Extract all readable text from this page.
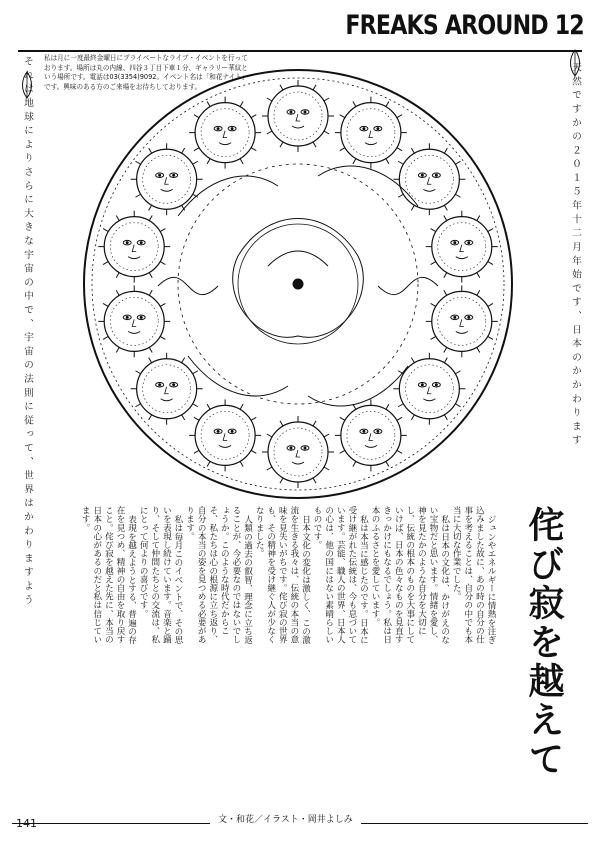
FREAKS AROUND 12
私は月に一度最終金曜日にプライベートなライブ・イベントを行っております。場所は丸の内線、四谷３丁目下車１分、ギャラリー華紋という場所です。電話は03(3354)9092。イベント名は「和花ナイト」です。興味のある方のご来場をお待ちしております。
それは地球によりさらに大きな宇宙の中で、宇宙の法則に従って、世界はかわりますよう	天然ですかの２０１５年十二月年始です、日本のかかわります
侘び寂を越えて

ジュンやエネルギーに情熱を注ぎ込みました故に、あの時の自分の仕事を考えることは、自分の中でも本当に大切な作業でした。

私は日本の文化は、かけがえのない宝物だと思います。情緒を愛し、神を見たかのような自分を大切にし、伝統の根本のものを大事にしていけば、日本の色々なものを見直すきっかけにもなるでしょう。私は日本のふるさとを愛しています。

私は本当に感じたのです。日本に受け継がれた伝統は、今も息づいています。芸能、職人の世界、日本人の心は、他の国にはない素晴らしいものです。

日本文化の変化は激しく、この激流を生きる我々は、伝統の本当の意味を見失いがちです。侘び寂の世界も、その精神を受け継ぐ人が少なくなりました。

人類の過去の叡智、理念に立ち返ることが、今必要なのではないでしょうか。このような時代だからこそ、私たちは心の根源に立ち返り、自分の本当の姿を見つめる必要があります。

私は毎月このイベントで、その思いを表現し続けています。音楽と踊り、そして仲間たちとの交流は、私にとって何よりの喜びです。

表現を越えようとする、普遍の存在を見つめ、精神の自由を取り戻すこと。侘び寂を越えた先に、本当の日本の心があるのだと私は信じています。

文・和花／イラスト・岡井よしみ
141
